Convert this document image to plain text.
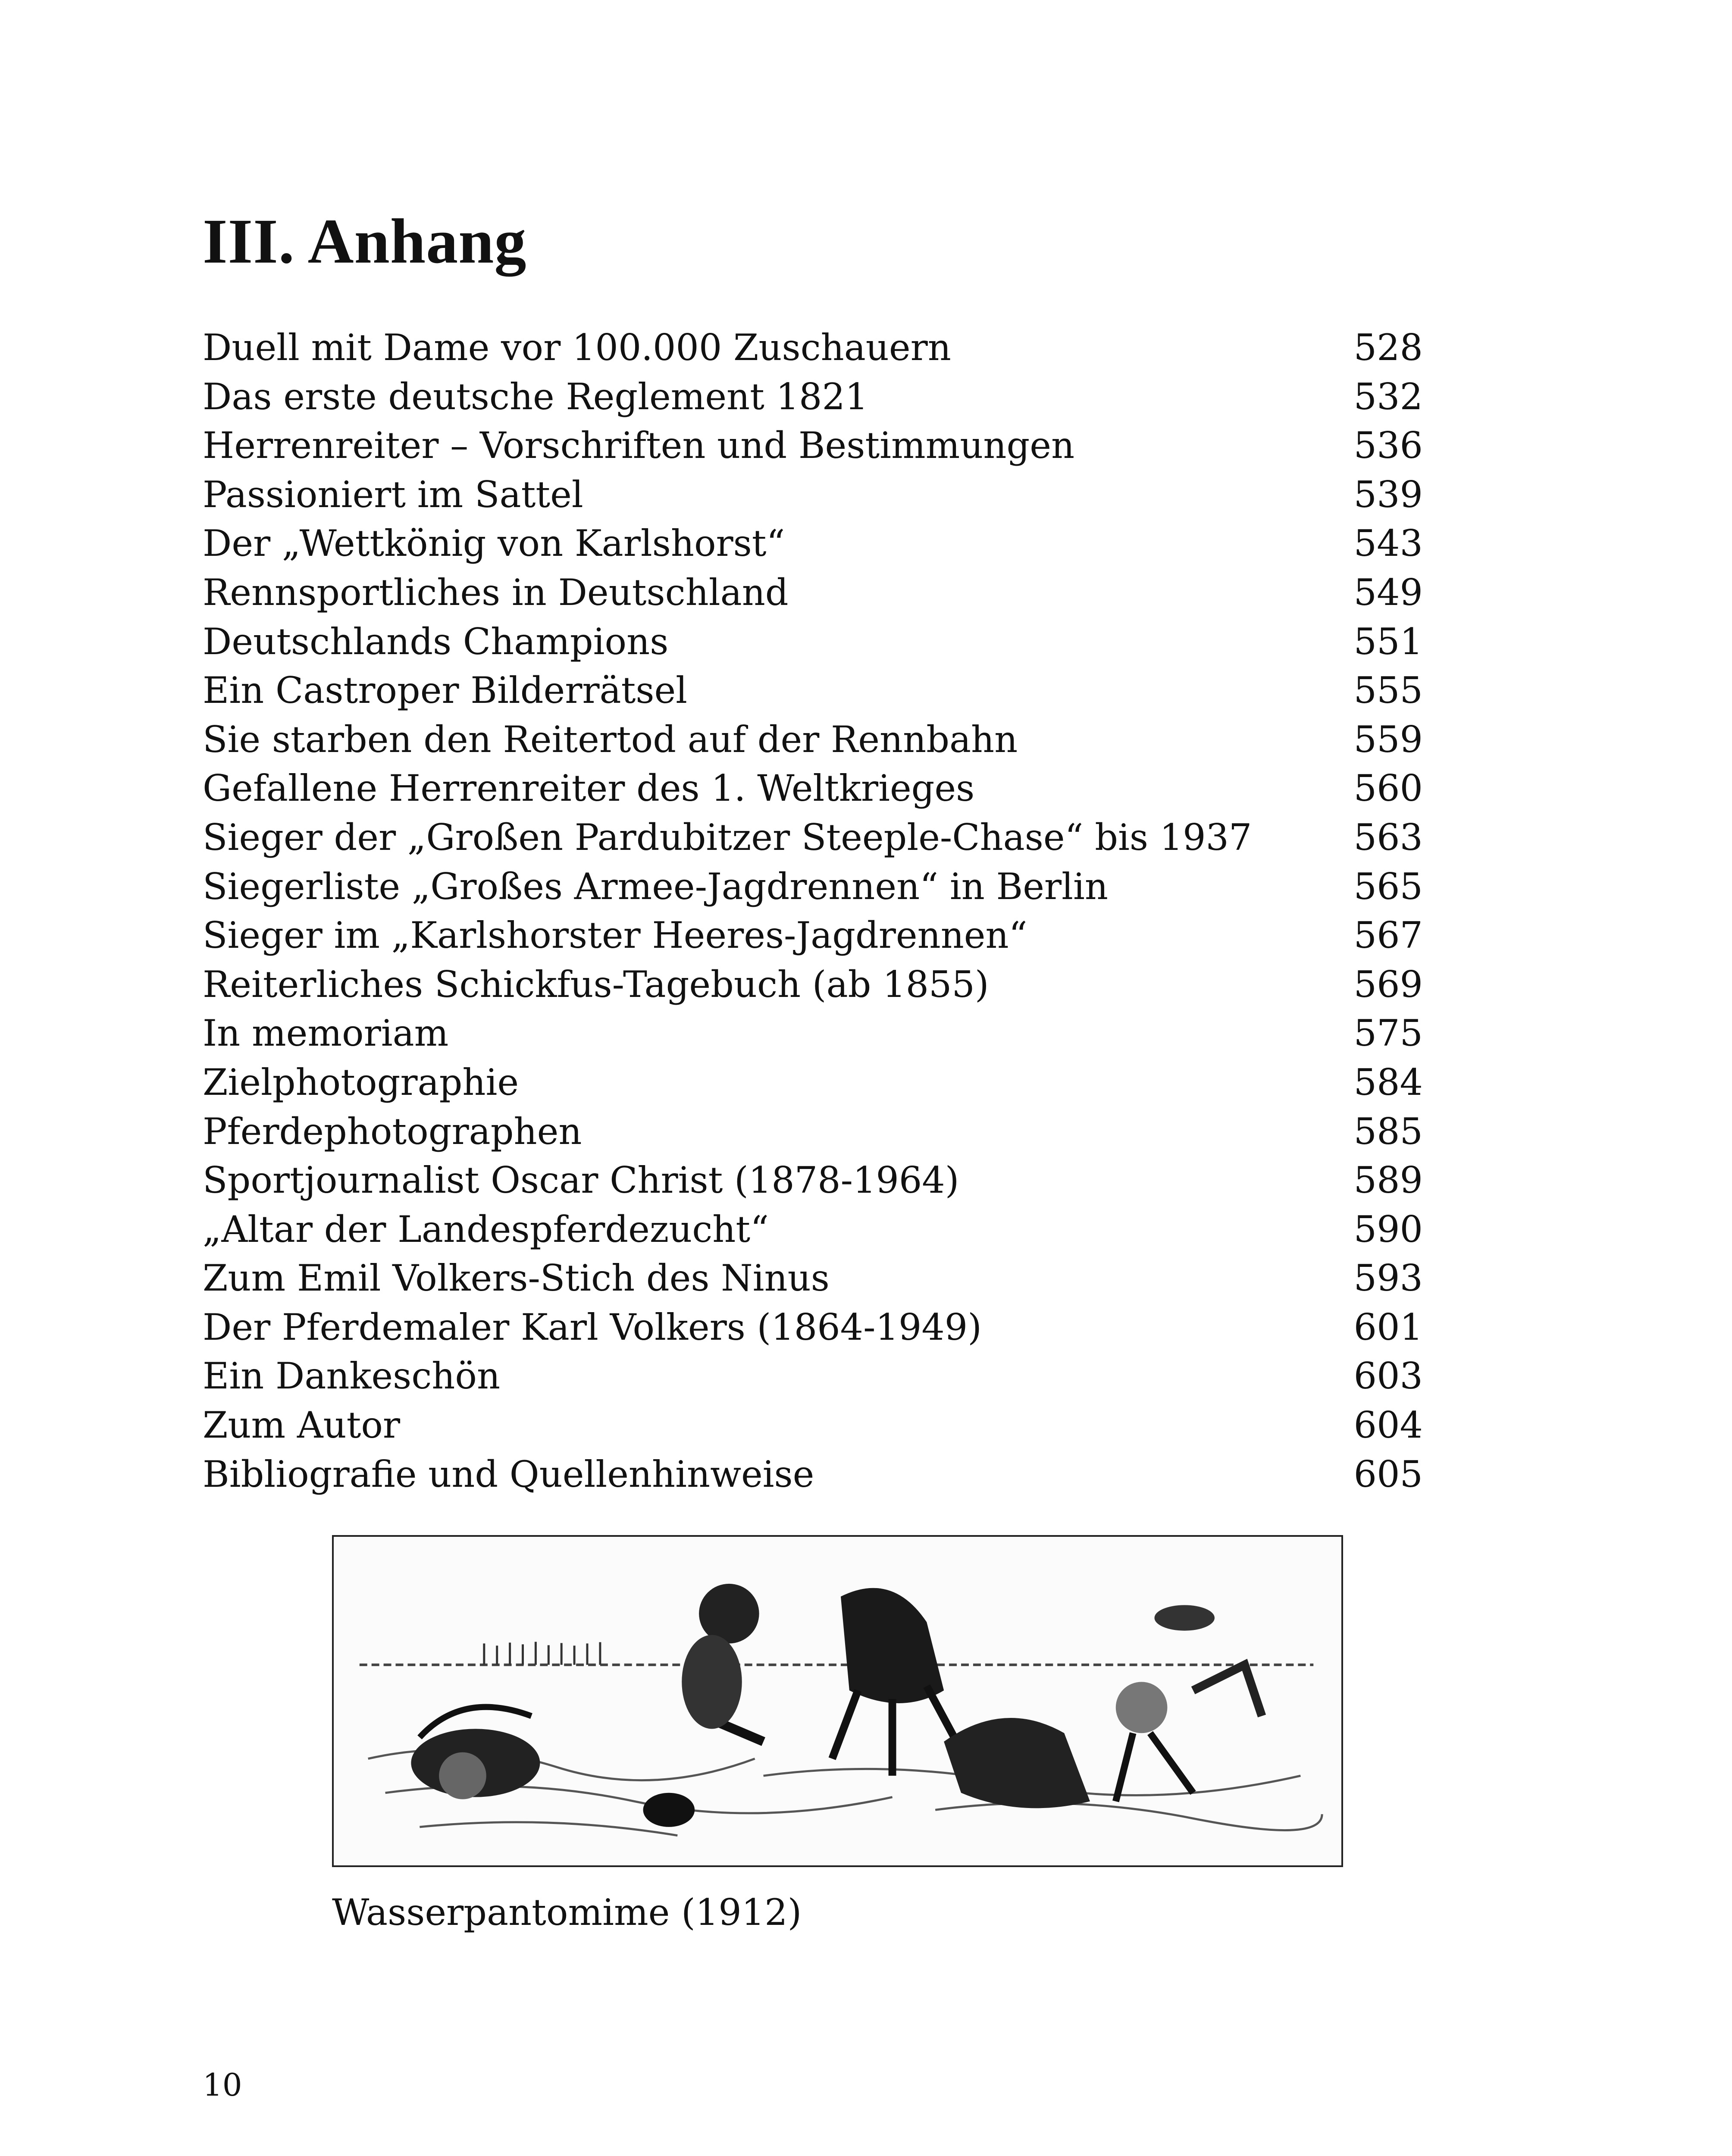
III. Anhang
Duell mit Dame vor 100.000 Zuschauern	528
Das erste deutsche Reglement 1821	532
Herrenreiter – Vorschriften und Bestimmungen	536
Passioniert im Sattel	539
Der „Wettkönig von Karlshorst“	543
Rennsportliches in Deutschland	549
Deutschlands Champions	551
Ein Castroper Bilderrätsel	555
Sie starben den Reitertod auf der Rennbahn	559
Gefallene Herrenreiter des 1. Weltkrieges	560
Sieger der „Großen Pardubitzer Steeple-Chase“ bis 1937	563
Siegerliste „Großes Armee-Jagdrennen“ in Berlin	565
Sieger im „Karlshorster Heeres-Jagdrennen“	567
Reiterliches Schickfus-Tagebuch (ab 1855)	569
In memoriam	575
Zielphotographie	584
Pferdephotographen	585
Sportjournalist Oscar Christ (1878-1964)	589
„Altar der Landespferdezucht“	590
Zum Emil Volkers-Stich des Ninus	593
Der Pferdemaler Karl Volkers (1864-1949)	601
Ein Dankeschön	603
Zum Autor	604
Bibliografie und Quellenhinweise	605
Wasserpantomime (1912)
10
